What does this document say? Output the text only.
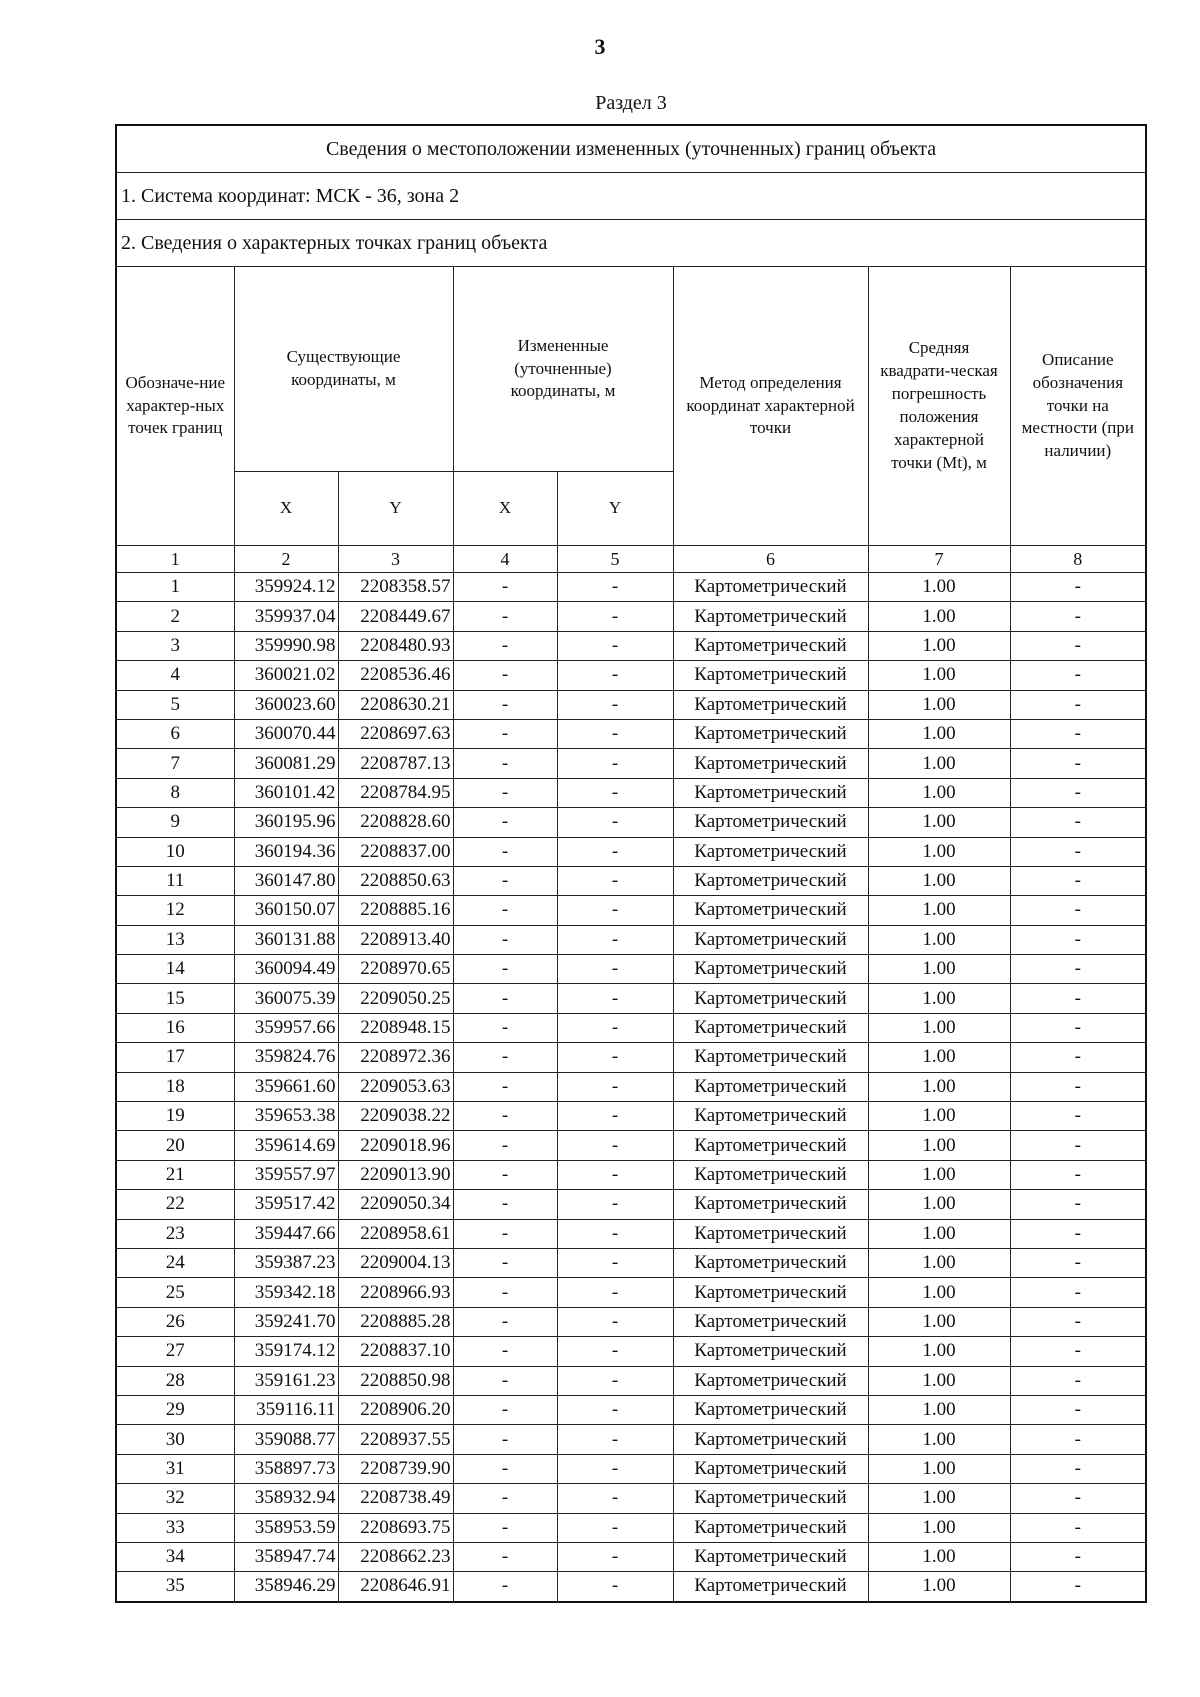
3
Раздел 3
Сведения о местоположении измененных (уточненных) границ объекта							
1. Система координат: МСК - 36, зона 2							
2. Сведения о характерных точках границ объекта							
Обозначе-ние характер-ных точек границ	Существующие координаты, м		Измененные (уточненные) координаты, м		Метод определения координат характерной точки	Средняя квадрати-ческая погрешность положения характерной точки (Mt), м	Описание обозначения точки на местности (при наличии)
	X	Y	X	Y			
1	2	3	4	5	6	7	8
1	359924.12	2208358.57	-	-	Картометрический	1.00	-
2	359937.04	2208449.67	-	-	Картометрический	1.00	-
3	359990.98	2208480.93	-	-	Картометрический	1.00	-
4	360021.02	2208536.46	-	-	Картометрический	1.00	-
5	360023.60	2208630.21	-	-	Картометрический	1.00	-
6	360070.44	2208697.63	-	-	Картометрический	1.00	-
7	360081.29	2208787.13	-	-	Картометрический	1.00	-
8	360101.42	2208784.95	-	-	Картометрический	1.00	-
9	360195.96	2208828.60	-	-	Картометрический	1.00	-
10	360194.36	2208837.00	-	-	Картометрический	1.00	-
11	360147.80	2208850.63	-	-	Картометрический	1.00	-
12	360150.07	2208885.16	-	-	Картометрический	1.00	-
13	360131.88	2208913.40	-	-	Картометрический	1.00	-
14	360094.49	2208970.65	-	-	Картометрический	1.00	-
15	360075.39	2209050.25	-	-	Картометрический	1.00	-
16	359957.66	2208948.15	-	-	Картометрический	1.00	-
17	359824.76	2208972.36	-	-	Картометрический	1.00	-
18	359661.60	2209053.63	-	-	Картометрический	1.00	-
19	359653.38	2209038.22	-	-	Картометрический	1.00	-
20	359614.69	2209018.96	-	-	Картометрический	1.00	-
21	359557.97	2209013.90	-	-	Картометрический	1.00	-
22	359517.42	2209050.34	-	-	Картометрический	1.00	-
23	359447.66	2208958.61	-	-	Картометрический	1.00	-
24	359387.23	2209004.13	-	-	Картометрический	1.00	-
25	359342.18	2208966.93	-	-	Картометрический	1.00	-
26	359241.70	2208885.28	-	-	Картометрический	1.00	-
27	359174.12	2208837.10	-	-	Картометрический	1.00	-
28	359161.23	2208850.98	-	-	Картометрический	1.00	-
29	359116.11	2208906.20	-	-	Картометрический	1.00	-
30	359088.77	2208937.55	-	-	Картометрический	1.00	-
31	358897.73	2208739.90	-	-	Картометрический	1.00	-
32	358932.94	2208738.49	-	-	Картометрический	1.00	-
33	358953.59	2208693.75	-	-	Картометрический	1.00	-
34	358947.74	2208662.23	-	-	Картометрический	1.00	-
35	358946.29	2208646.91	-	-	Картометрический	1.00	-
